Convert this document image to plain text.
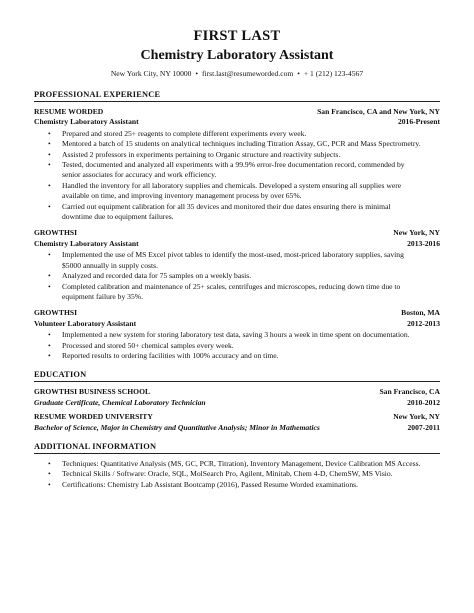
FIRST LAST
Chemistry Laboratory Assistant
New York City, NY 10000 • first.last@resumeworded.com • + 1 (212) 123-4567
PROFESSIONAL EXPERIENCE
RESUME WORDED	San Francisco, CA and New York, NY
Chemistry Laboratory Assistant	2016-Present
• Prepared and stored 25+ reagents to complete different experiments every week.
• Mentored a batch of 15 students on analytical techniques including Titration Assay, GC, PCR and Mass Spectrometry.
• Assisted 2 professors in experiments pertaining to Organic structure and reactivity subjects.
• Tested, documented and analyzed all experiments with a 99.9% error-free documentation record, commended by senior associates for accuracy and work efficiency.
• Handled the inventory for all laboratory supplies and chemicals. Developed a system ensuring all supplies were available on time, and improving inventory management process by over 65%.
• Carried out equipment calibration for all 35 devices and monitored their due dates ensuring there is minimal downtime due to equipment failures.
GROWTHSI	New York, NY
Chemistry Laboratory Assistant	2013-2016
• Implemented the use of MS Excel pivot tables to identify the most-used, most-priced laboratory supplies, saving $5000 annually in supply costs.
• Analyzed and recorded data for 75 samples on a weekly basis.
• Completed calibration and maintenance of 25+ scales, centrifuges and microscopes, reducing down time due to equipment failure by 35%.
GROWTHSI	Boston, MA
Volunteer Laboratory Assistant	2012-2013
• Implemented a new system for storing laboratory test data, saving 3 hours a week in time spent on documentation.
• Processed and stored 50+ chemical samples every week.
• Reported results to ordering facilities with 100% accuracy and on time.
EDUCATION
GROWTHSI BUSINESS SCHOOL	San Francisco, CA
Graduate Certificate, Chemical Laboratory Technician	2010-2012
RESUME WORDED UNIVERSITY	New York, NY
Bachelor of Science, Major in Chemistry and Quantitative Analysis; Minor in Mathematics	2007-2011
ADDITIONAL INFORMATION
• Techniques: Quantitative Analysis (MS, GC, PCR, Titration), Inventory Management, Device Calibration MS Access.
• Technical Skills / Software: Oracle, SQL, MolSearch Pro, Agilent, Minitab, Chem 4-D, ChemSW, MS Visio.
• Certifications: Chemistry Lab Assistant Bootcamp (2016), Passed Resume Worded examinations.
